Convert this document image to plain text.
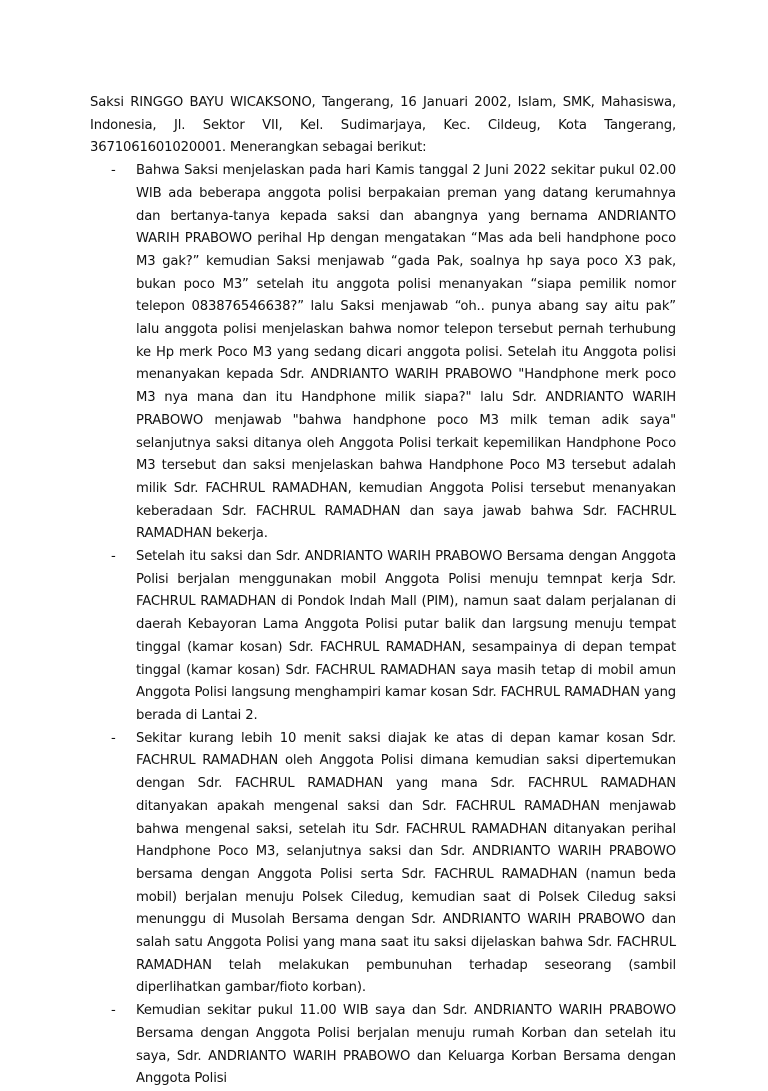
Saksi RINGGO BAYU WICAKSONO, Tangerang, 16 Januari 2002, Islam, SMK, Mahasiswa, Indonesia, Jl. Sektor VII, Kel. Sudimarjaya, Kec. Cildeug, Kota Tangerang, 3671061601020001. Menerangkan sebagai berikut:

- Bahwa Saksi menjelaskan pada hari Kamis tanggal 2 Juni 2022 sekitar pukul 02.00 WIB ada beberapa anggota polisi berpakaian preman yang datang kerumahnya dan bertanya-tanya kepada saksi dan abangnya yang bernama ANDRIANTO WARIH PRABOWO perihal Hp dengan mengatakan “Mas ada beli handphone poco M3 gak?” kemudian Saksi menjawab “gada Pak, soalnya hp saya poco X3 pak, bukan poco M3” setelah itu anggota polisi menanyakan “siapa pemilik nomor telepon 083876546638?” lalu Saksi menjawab “oh.. punya abang say aitu pak” lalu anggota polisi menjelaskan bahwa nomor telepon tersebut pernah terhubung ke Hp merk Poco M3 yang sedang dicari anggota polisi. Setelah itu Anggota polisi menanyakan kepada Sdr. ANDRIANTO WARIH PRABOWO "Handphone merk poco M3 nya mana dan itu Handphone milik siapa?" lalu Sdr. ANDRIANTO WARIH PRABOWO menjawab "bahwa handphone poco M3 milk teman adik saya" selanjutnya saksi ditanya oleh Anggota Polisi terkait kepemilikan Handphone Poco M3 tersebut dan saksi menjelaskan bahwa Handphone Poco M3 tersebut adalah milik Sdr. FACHRUL RAMADHAN, kemudian Anggota Polisi tersebut menanyakan keberadaan Sdr. FACHRUL RAMADHAN dan saya jawab bahwa Sdr. FACHRUL RAMADHAN bekerja.
- Setelah itu saksi dan Sdr. ANDRIANTO WARIH PRABOWO Bersama dengan Anggota Polisi berjalan menggunakan mobil Anggota Polisi menuju temnpat kerja Sdr. FACHRUL RAMADHAN di Pondok Indah Mall (PIM), namun saat dalam perjalanan di daerah Kebayoran Lama Anggota Polisi putar balik dan largsung menuju tempat tinggal (kamar kosan) Sdr. FACHRUL RAMADHAN, sesampainya di depan tempat tinggal (kamar kosan) Sdr. FACHRUL RAMADHAN saya masih tetap di mobil amun Anggota Polisi langsung menghampiri kamar kosan Sdr. FACHRUL RAMADHAN yang berada di Lantai 2.
- Sekitar kurang lebih 10 menit saksi diajak ke atas di depan kamar kosan Sdr. FACHRUL RAMADHAN oleh Anggota Polisi dimana kemudian saksi dipertemukan dengan Sdr. FACHRUL RAMADHAN yang mana Sdr. FACHRUL RAMADHAN ditanyakan apakah mengenal saksi dan Sdr. FACHRUL RAMADHAN menjawab bahwa mengenal saksi, setelah itu Sdr. FACHRUL RAMADHAN ditanyakan perihal Handphone Poco M3, selanjutnya saksi dan Sdr. ANDRIANTO WARIH PRABOWO bersama dengan Anggota Polisi serta Sdr. FACHRUL RAMADHAN (namun beda mobil) berjalan menuju Polsek Ciledug, kemudian saat di Polsek Ciledug saksi menunggu di Musolah Bersama dengan Sdr. ANDRIANTO WARIH PRABOWO dan salah satu Anggota Polisi yang mana saat itu saksi dijelaskan bahwa Sdr. FACHRUL RAMADHAN telah melakukan pembunuhan terhadap seseorang (sambil diperlihatkan gambar/fioto korban).
- Kemudian sekitar pukul 11.00 WIB saya dan Sdr. ANDRIANTO WARIH PRABOWO Bersama dengan Anggota Polisi berjalan menuju rumah Korban dan setelah itu saya, Sdr. ANDRIANTO WARIH PRABOWO dan Keluarga Korban Bersama dengan Anggota Polisi
